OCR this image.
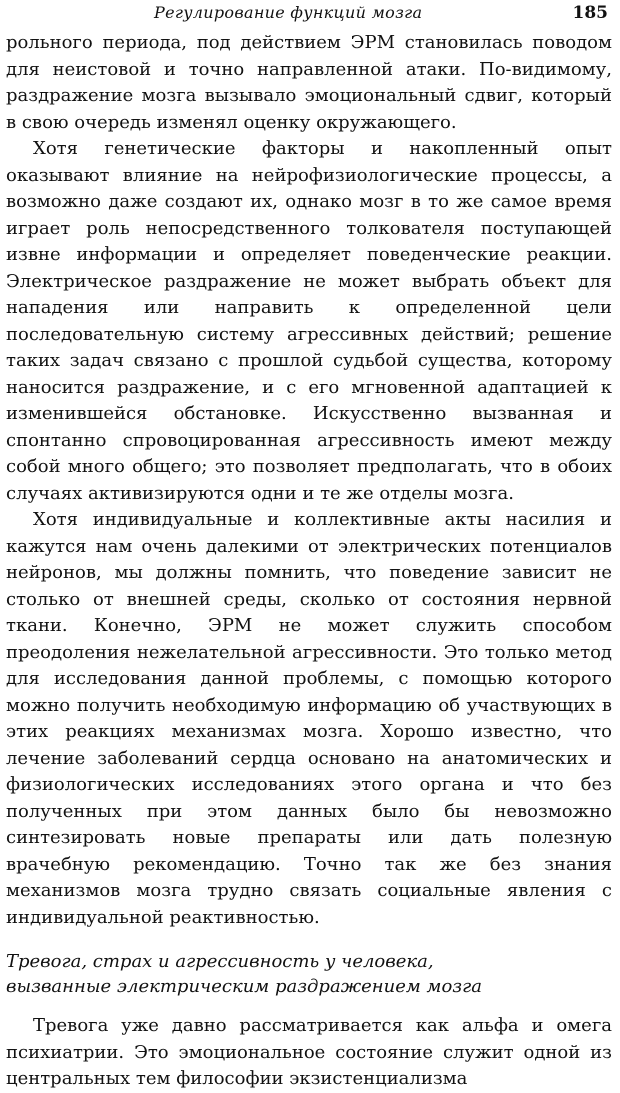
Регулирование функций мозга	185

рольного периода, под действием ЭРМ становилась поводом для неистовой и точно направленной атаки. По-видимому, раздражение мозга вызывало эмоциональный сдвиг, который в свою очередь изменял оценку окружающего.

Хотя генетические факторы и накопленный опыт оказывают влияние на нейрофизиологические процессы, а возможно даже создают их, однако мозг в то же самое время играет роль непосредственного толкователя поступающей извне информации и определяет поведенческие реакции. Электрическое раздражение не может выбрать объект для нападения или направить к определенной цели последовательную систему агрессивных действий; решение таких задач связано с прошлой судьбой существа, которому наносится раздражение, и с его мгновенной адаптацией к изменившейся обстановке. Искусственно вызванная и спонтанно спровоцированная агрессивность имеют между собой много общего; это позволяет предполагать, что в обоих случаях активизируются одни и те же отделы мозга.

Хотя индивидуальные и коллективные акты насилия и кажутся нам очень далекими от электрических потенциалов нейронов, мы должны помнить, что поведение зависит не столько от внешней среды, сколько от состояния нервной ткани. Конечно, ЭРМ не может служить способом преодоления нежелательной агрессивности. Это только метод для исследования данной проблемы, с помощью которого можно получить необходимую информацию об участвующих в этих реакциях механизмах мозга. Хорошо известно, что лечение заболеваний сердца основано на анатомических и физиологических исследованиях этого органа и что без полученных при этом данных было бы невозможно синтезировать новые препараты или дать полезную врачебную рекомендацию. Точно так же без знания механизмов мозга трудно связать социальные явления с индивидуальной реактивностью.

Тревога, страх и агрессивность у человека,
вызванные электрическим раздражением мозга

Тревога уже давно рассматривается как альфа и омега психиатрии. Это эмоциональное состояние служит одной из центральных тем философии экзистенциализма
